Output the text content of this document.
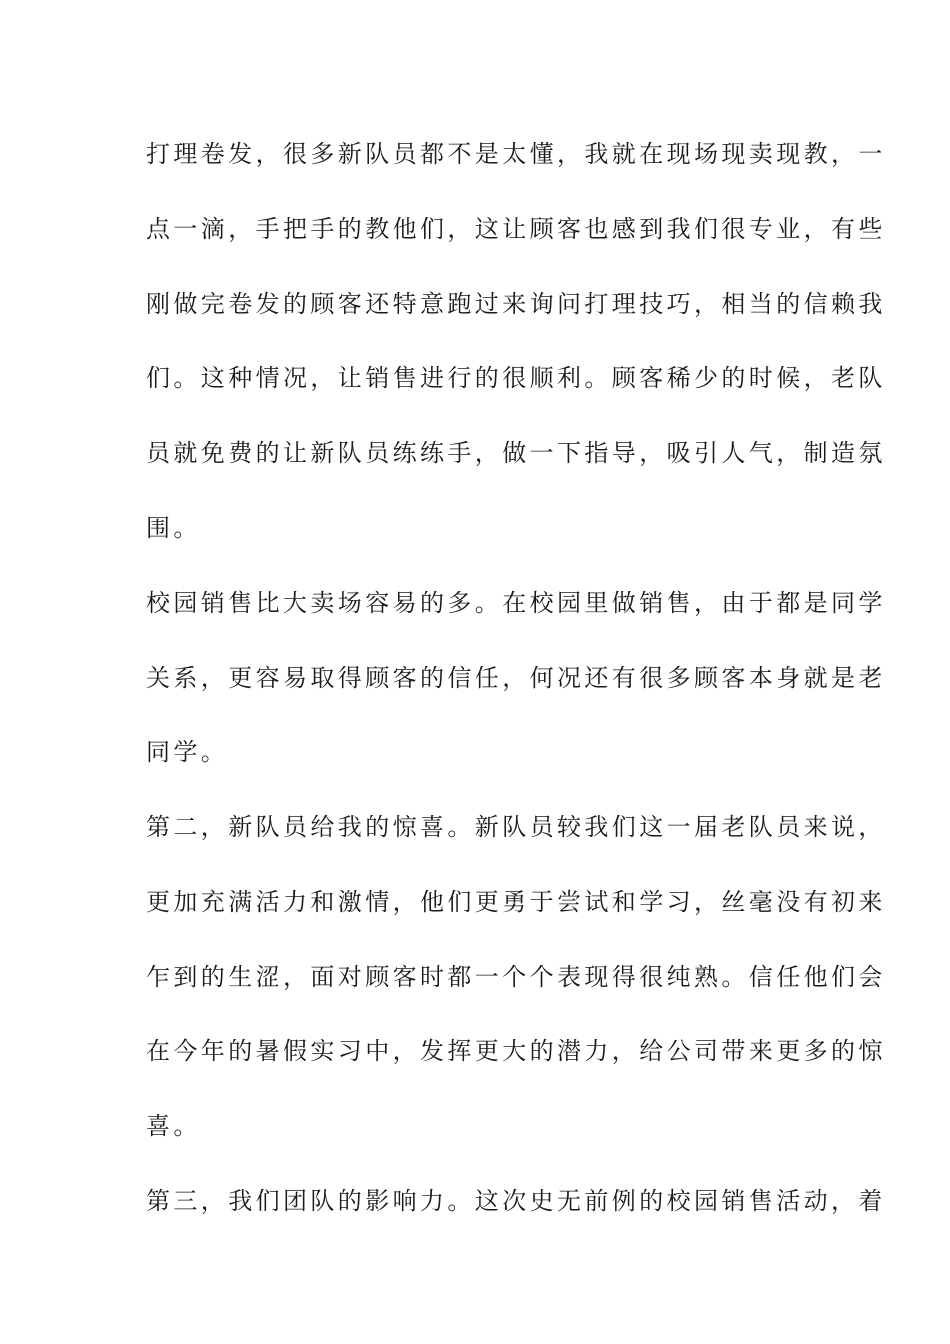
打理卷发，很多新队员都不是太懂，我就在现场现卖现教，一
点一滴，手把手的教他们，这让顾客也感到我们很专业，有些
刚做完卷发的顾客还特意跑过来询问打理技巧，相当的信赖我
们。这种情况，让销售进行的很顺利。顾客稀少的时候，老队
员就免费的让新队员练练手，做一下指导，吸引人气，制造氛
围。
校园销售比大卖场容易的多。在校园里做销售，由于都是同学
关系，更容易取得顾客的信任，何况还有很多顾客本身就是老
同学。
第二，新队员给我的惊喜。新队员较我们这一届老队员来说，
更加充满活力和激情，他们更勇于尝试和学习，丝毫没有初来
乍到的生涩，面对顾客时都一个个表现得很纯熟。信任他们会
在今年的暑假实习中，发挥更大的潜力，给公司带来更多的惊
喜。
第三，我们团队的影响力。这次史无前例的校园销售活动，着
